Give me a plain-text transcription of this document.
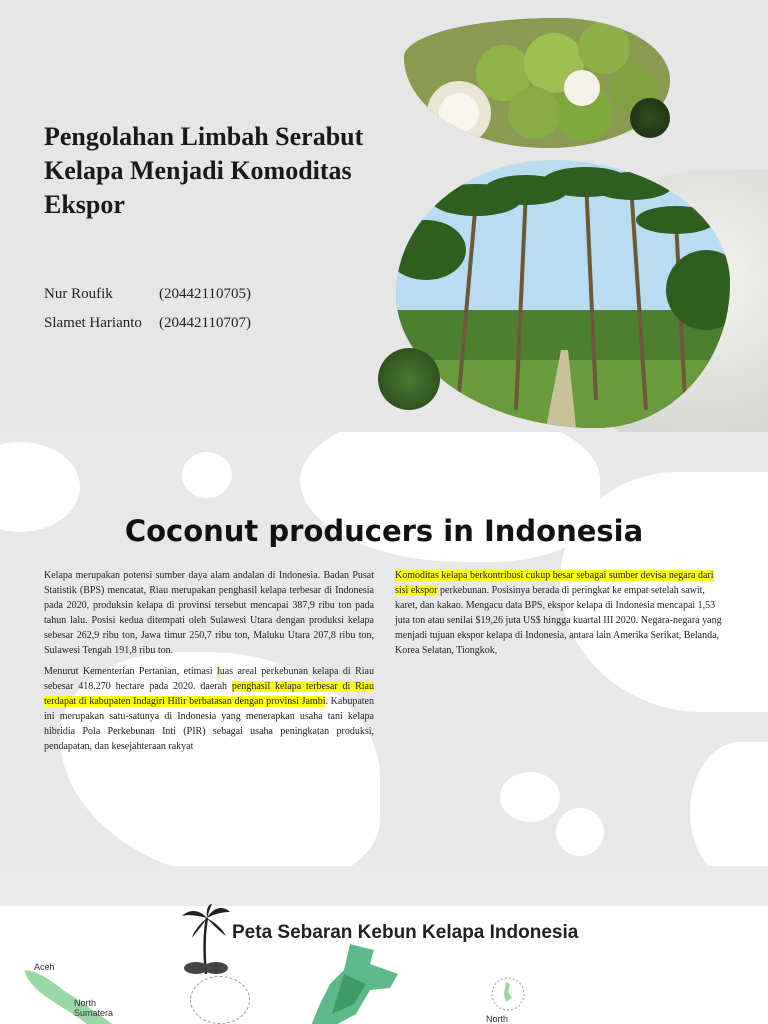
Pengolahan Limbah Serabut Kelapa Menjadi Komoditas Ekspor
Nur Roufik	(20442110705)
Slamet Harianto (20442110707)
Coconut producers in Indonesia

Kelapa merupakan potensi sumber daya alam andalan di Indonesia. Badan Pusat Statistik (BPS) mencatat, Riau merupakan penghasil kelapa terbesar di Indonesia pada 2020, produksin kelapa di provinsi tersebut mencapai 387,9 ribu ton pada tahun lalu. Posisi kedua ditempati oleh Sulawesi Utara dengan produksi kelapa sebesar 262,9 ribu ton, Jawa timur 250,7 ribu ton, Maluku Utara 207,8 ribu ton, Sulawesi Tengah 191,8 ribu ton.

Menurut Kementerian Pertanian, etimasi luas areal perkebunan kelapa di Riau sebesar 418.270 hectare pada 2020. daerah penghasil kelapa terbesar di Riau terdapat di kabupaten Indagiri Hilir berbatasan dengan provinsi Jambi. Kabupaten ini merupakan satu-satunya di Indonesia yang menerapkan usaha tani kelapa hibridia Pola Perkebunan Inti (PIR) sebagai usaha peningkatan produksi, pendapatan, dan kesejahteraan rakyat

Komoditas kelapa berkontribusi cukup besar sebagai sumber devisa negara dari sisi ekspor perkebunan. Posisinya berada di peringkat ke empat setelah sawit, karet, dan kakao. Mengacu data BPS, ekspor kelapa di Indonesia mencapai 1,53 juta ton atau senilai $19,26 juta US$ hingga kuartal III 2020. Negara-negara yang menjadi tujuan ekspor kelapa di Indonesia, antara lain Amerika Serikat, Belanda, Korea Selatan, Tiongkok,

Peta Sebaran Kebun Kelapa Indonesia
Aceh
North
Sumatera
North
